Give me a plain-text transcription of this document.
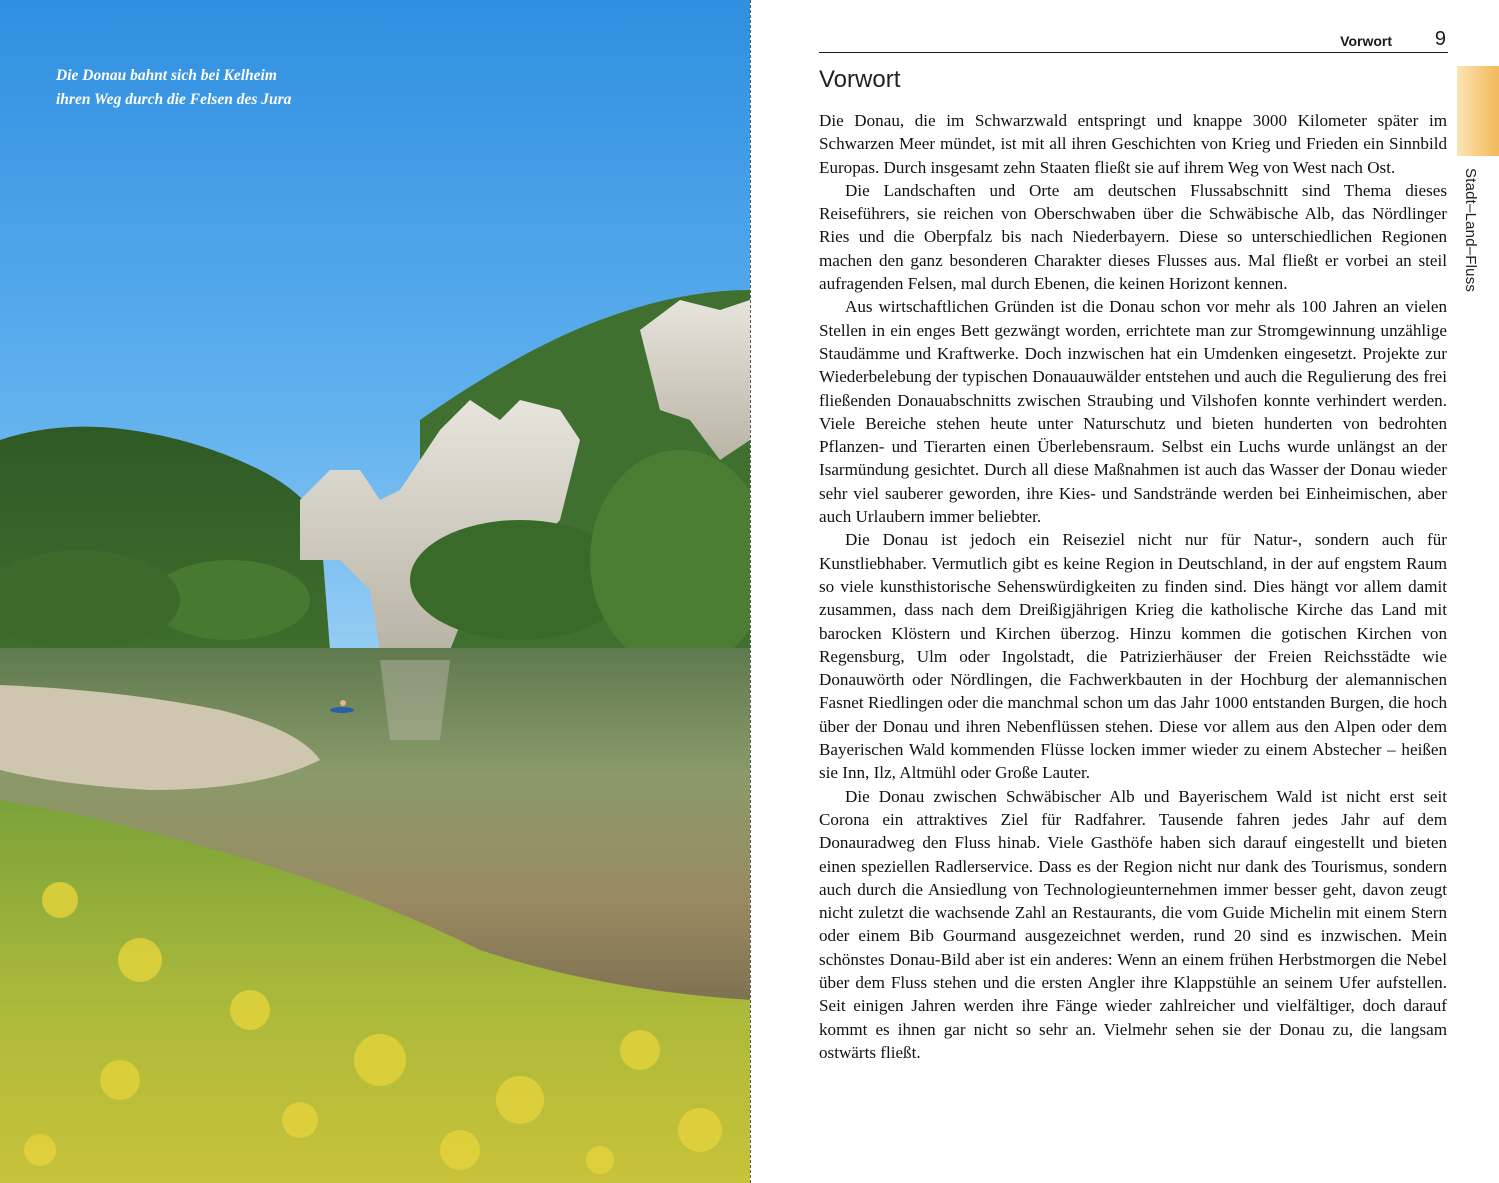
Die Donau bahnt sich bei Kelheim
ihren Weg durch die Felsen des Jura
Vorwort 9
Stadt–Land–Fluss
Vorwort

Die Donau, die im Schwarzwald entspringt und knappe 3000 Kilometer später im Schwarzen Meer mündet, ist mit all ihren Geschichten von Krieg und Frieden ein Sinnbild Europas. Durch insgesamt zehn Staaten fließt sie auf ihrem Weg von West nach Ost.

Die Landschaften und Orte am deutschen Flussabschnitt sind Thema dieses Reiseführers, sie reichen von Oberschwaben über die Schwäbische Alb, das Nördlinger Ries und die Oberpfalz bis nach Niederbayern. Diese so unterschiedlichen Regionen machen den ganz besonderen Charakter dieses Flusses aus. Mal fließt er vorbei an steil aufragenden Felsen, mal durch Ebenen, die keinen Horizont kennen.

Aus wirtschaftlichen Gründen ist die Donau schon vor mehr als 100 Jahren an vielen Stellen in ein enges Bett gezwängt worden, errichtete man zur Stromgewinnung unzählige Staudämme und Kraftwerke. Doch inzwischen hat ein Umdenken eingesetzt. Projekte zur Wiederbelebung der typischen Donauauwälder entstehen und auch die Regulierung des frei fließenden Donauabschnitts zwischen Straubing und Vilshofen konnte verhindert werden. Viele Bereiche stehen heute unter Naturschutz und bieten hunderten von bedrohten Pflanzen- und Tierarten einen Überlebensraum. Selbst ein Luchs wurde unlängst an der Isarmündung gesichtet. Durch all diese Maßnahmen ist auch das Wasser der Donau wieder sehr viel sauberer geworden, ihre Kies- und Sandstrände werden bei Einheimischen, aber auch Urlaubern immer beliebter.

Die Donau ist jedoch ein Reiseziel nicht nur für Natur-, sondern auch für Kunstliebhaber. Vermutlich gibt es keine Region in Deutschland, in der auf engstem Raum so viele kunsthistorische Sehenswürdigkeiten zu finden sind. Dies hängt vor allem damit zusammen, dass nach dem Dreißigjährigen Krieg die katholische Kirche das Land mit barocken Klöstern und Kirchen überzog. Hinzu kommen die gotischen Kirchen von Regensburg, Ulm oder Ingolstadt, die Patrizierhäuser der Freien Reichsstädte wie Donauwörth oder Nördlingen, die Fachwerkbauten in der Hochburg der alemannischen Fasnet Riedlingen oder die manchmal schon um das Jahr 1000 entstanden Burgen, die hoch über der Donau und ihren Nebenflüssen stehen. Diese vor allem aus den Alpen oder dem Bayerischen Wald kommenden Flüsse locken immer wieder zu einem Abstecher – heißen sie Inn, Ilz, Altmühl oder Große Lauter.

Die Donau zwischen Schwäbischer Alb und Bayerischem Wald ist nicht erst seit Corona ein attraktives Ziel für Radfahrer. Tausende fahren jedes Jahr auf dem Donauradweg den Fluss hinab. Viele Gasthöfe haben sich darauf eingestellt und bieten einen speziellen Radlerservice. Dass es der Region nicht nur dank des Tourismus, sondern auch durch die Ansiedlung von Technologieunternehmen immer besser geht, davon zeugt nicht zuletzt die wachsende Zahl an Restaurants, die vom Guide Michelin mit einem Stern oder einem Bib Gourmand ausgezeichnet werden, rund 20 sind es inzwischen. Mein schönstes Donau-Bild aber ist ein anderes: Wenn an einem frühen Herbstmorgen die Nebel über dem Fluss stehen und die ersten Angler ihre Klappstühle an seinem Ufer aufstellen. Seit einigen Jahren werden ihre Fänge wieder zahlreicher und vielfältiger, doch darauf kommt es ihnen gar nicht so sehr an. Vielmehr sehen sie der Donau zu, die langsam ostwärts fließt.
